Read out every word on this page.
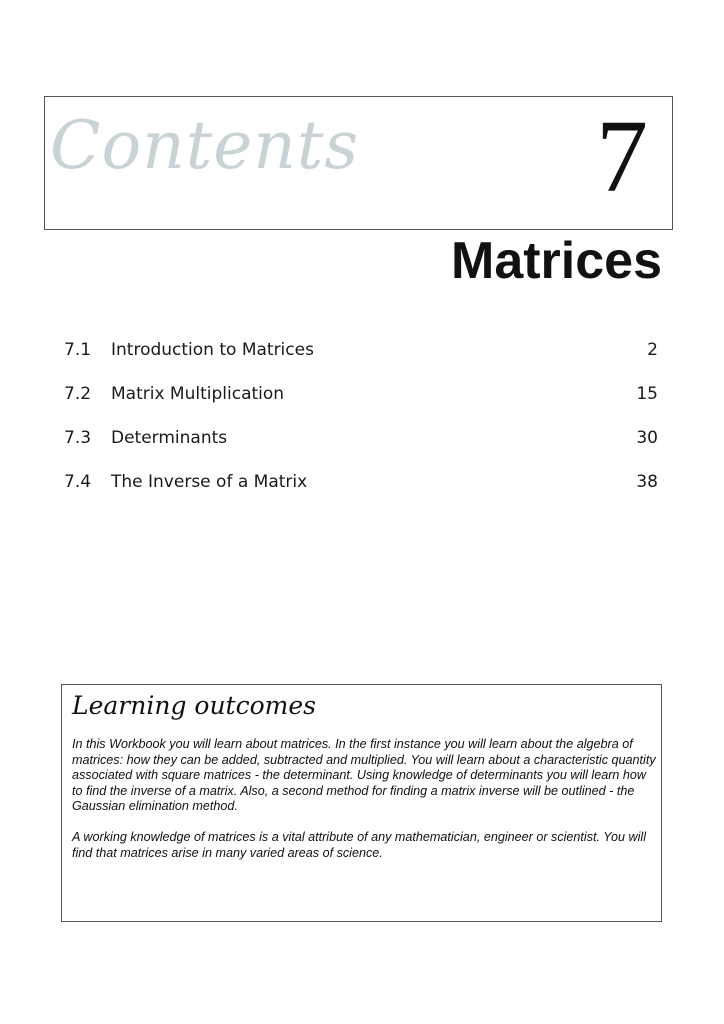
Contents 7
Matrices
7.1 Introduction to Matrices	2
7.2 Matrix Multiplication	15
7.3 Determinants	30
7.4 The Inverse of a Matrix	38
Learning outcomes

In this Workbook you will learn about matrices. In the first instance you will learn about the algebra of matrices: how they can be added, subtracted and multiplied. You will learn about a characteristic quantity associated with square matrices - the determinant. Using knowledge of determinants you will learn how to find the inverse of a matrix. Also, a second method for finding a matrix inverse will be outlined - the Gaussian elimination method.

A working knowledge of matrices is a vital attribute of any mathematician, engineer or scientist. You will find that matrices arise in many varied areas of science.
